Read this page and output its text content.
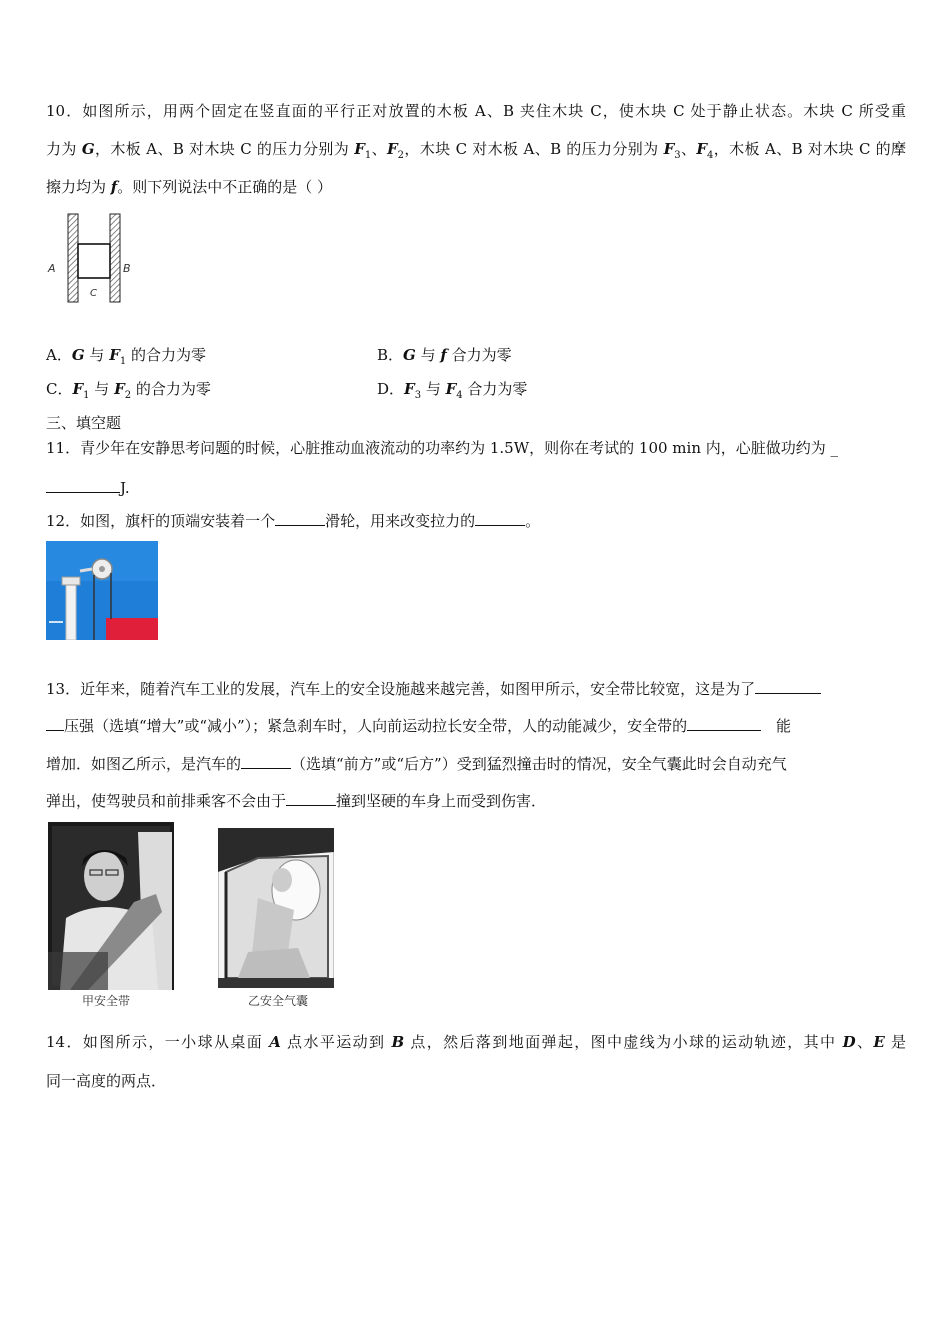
10．如图所示，用两个固定在竖直面的平行正对放置的木板 A、B 夹住木块 C，使木块 C 处于静止状态。木块 C 所受重
力为 G，木板 A、B 对木块 C 的压力分别为 $F_1$、$F_2$，木块 C 对木板 A、B 的压力分别为 $F_3$、$F_4$，木板 A、B 对木块 C 的摩
擦力均为 f。则下列说法中不正确的是（ ）
A	B
C
A．G 与 $F_1$ 的合力为零	B．G 与 f 合力为零
C．$F_1$ 与 $F_2$ 的合力为零	D．$F_3$ 与 $F_4$ 合力为零
三、填空题
11．青少年在安静思考问题的时候，心脏推动血液流动的功率约为 1.5W，则你在考试的 100 min 内，心脏做功约为 _
J.
12．如图，旗杆的顶端安装着一个	滑轮，用来改变拉力的	。
13．近年来，随着汽车工业的发展，汽车上的安全设施越来越完善，如图甲所示，安全带比较宽，这是为了
压强（选填“增大”或“减小”）；紧急刹车时，人向前运动拉长安全带，人的动能减少，安全带的	能
增加．如图乙所示，是汽车的	（选填“前方”或“后方”）受到猛烈撞击时的情况，安全气囊此时会自动充气
弹出，使驾驶员和前排乘客不会由于	撞到坚硬的车身上而受到伤害．
甲安全带	乙安全气囊
14．如图所示，一小球从桌面 A 点水平运动到 B 点，然后落到地面弹起，图中虚线为小球的运动轨迹，其中 D、E 是
同一高度的两点．
